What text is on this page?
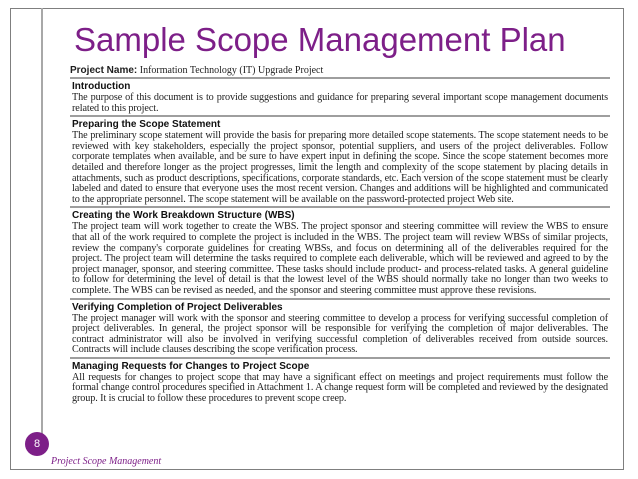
Sample Scope Management Plan

Project Name: Information Technology (IT) Upgrade Project

Introduction

The purpose of this document is to provide suggestions and guidance for preparing several important scope management documents related to this project.

Preparing the Scope Statement

The preliminary scope statement will provide the basis for preparing more detailed scope statements. The scope statement needs to be reviewed with key stakeholders, especially the project sponsor, potential suppliers, and users of the project deliverables. Follow corporate templates when available, and be sure to have expert input in defining the scope. Since the scope statement becomes more detailed and therefore longer as the project progresses, limit the length and complexity of the scope statement by placing details in attachments, such as product descriptions, specifications, corporate standards, etc. Each version of the scope statement must be clearly labeled and dated to ensure that everyone uses the most recent version. Changes and additions will be highlighted and communicated to the appropriate personnel. The scope statement will be available on the password-protected project Web site.

Creating the Work Breakdown Structure (WBS)

The project team will work together to create the WBS. The project sponsor and steering committee will review the WBS to ensure that all of the work required to complete the project is included in the WBS. The project team will review WBSs of similar projects, review the company's corporate guidelines for creating WBSs, and focus on determining all of the deliverables required for the project. The project team will determine the tasks required to complete each deliverable, which will be reviewed and agreed to by the project manager, sponsor, and steering committee. These tasks should include product- and process-related tasks. A general guideline to follow for determining the level of detail is that the lowest level of the WBS should normally take no longer than two weeks to complete. The WBS can be revised as needed, and the sponsor and steering committee must approve these revisions.

Verifying Completion of Project Deliverables

The project manager will work with the sponsor and steering committee to develop a process for verifying successful completion of project deliverables. In general, the project sponsor will be responsible for verifying the completion of major deliverables. The contract administrator will also be involved in verifying successful completion of deliverables received from outside sources. Contracts will include clauses describing the scope verification process.

Managing Requests for Changes to Project Scope

All requests for changes to project scope that may have a significant effect on meetings and project requirements must follow the formal change control procedures specified in Attachment 1. A change request form will be completed and reviewed by the designated group. It is crucial to follow these procedures to prevent scope creep.

8
Project Scope Management
